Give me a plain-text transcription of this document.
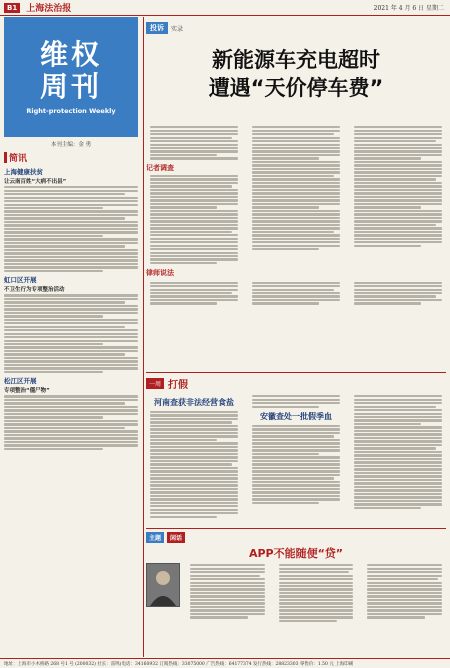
B1	上海法治报	2021 年 4 月 6 日 星期二
维权
周刊
Right-protection Weekly
本刊主编：金 勇
简讯
上海健康扶贫
让云南百姓“大病不出县”
虹口区开展
不卫生行为专项整治活动
松江区开展
专项整治“僵尸物”
投诉	实录
新能源车充电超时
遭遇“天价停车费”
记者调查
律师说法
一周 打假
河南查获非法经营食盐
安徽查处一批假季血
主题	闲话
APP不能随便“贷”
地址：上海市小木桥路 268 号1 号 (200032) 社长：雷鸣(电话：34160932 订阅热线：33075000 广告热线：64177374 发行热线：28823303 零售价：1.50 元 上海印刷
